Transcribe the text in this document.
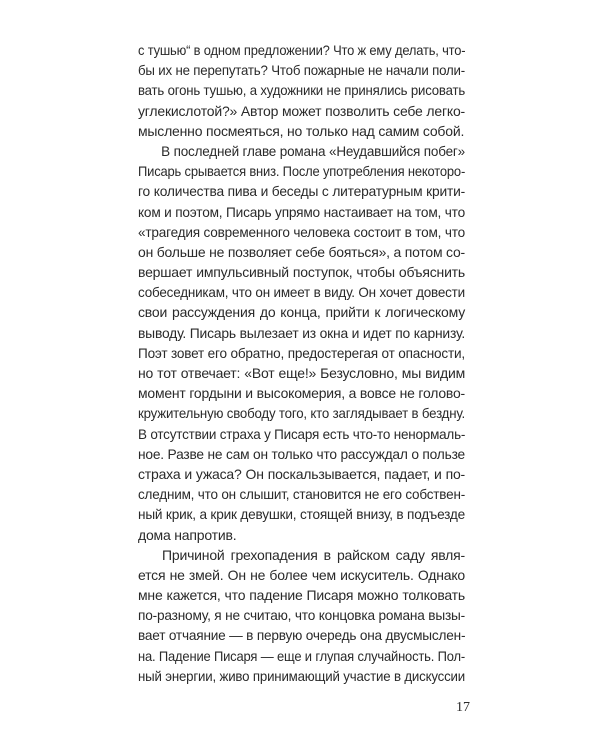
с тушью“ в одном предложении? Что ж ему делать, что-
бы их не перепутать? Чтоб пожарные не начали поли-
вать огонь тушью, а художники не принялись рисовать
углекислотой?» Автор может позволить себе легко-
мысленно посмеяться, но только над самим собой.
В последней главе романа «Неудавшийся побег»
Писарь срывается вниз. После употребления некоторо-
го количества пива и беседы с литературным крити-
ком и поэтом, Писарь упрямо настаивает на том, что
«трагедия современного человека состоит в том, что
он больше не позволяет себе бояться», а потом со-
вершает импульсивный поступок, чтобы объяснить
собеседникам, что он имеет в виду. Он хочет довести
свои рассуждения до конца, прийти к логическому
выводу. Писарь вылезает из окна и идет по карнизу.
Поэт зовет его обратно, предостерегая от опасности,
но тот отвечает: «Вот еще!» Безусловно, мы видим
момент гордыни и высокомерия, а вовсе не голово-
кружительную свободу того, кто заглядывает в бездну.
В отсутствии страха у Писаря есть что-то ненормаль-
ное. Разве не сам он только что рассуждал о пользе
страха и ужаса? Он поскальзывается, падает, и по-
следним, что он слышит, становится не его собствен-
ный крик, а крик девушки, стоящей внизу, в подъезде
дома напротив.
Причиной грехопадения в райском саду явля-
ется не змей. Он не более чем искуситель. Однако
мне кажется, что падение Писаря можно толковать
по-разному, я не считаю, что концовка романа вызы-
вает отчаяние — в первую очередь она двусмыслен-
на. Падение Писаря — еще и глупая случайность. Пол-
ный энергии, живо принимающий участие в дискуссии
17
